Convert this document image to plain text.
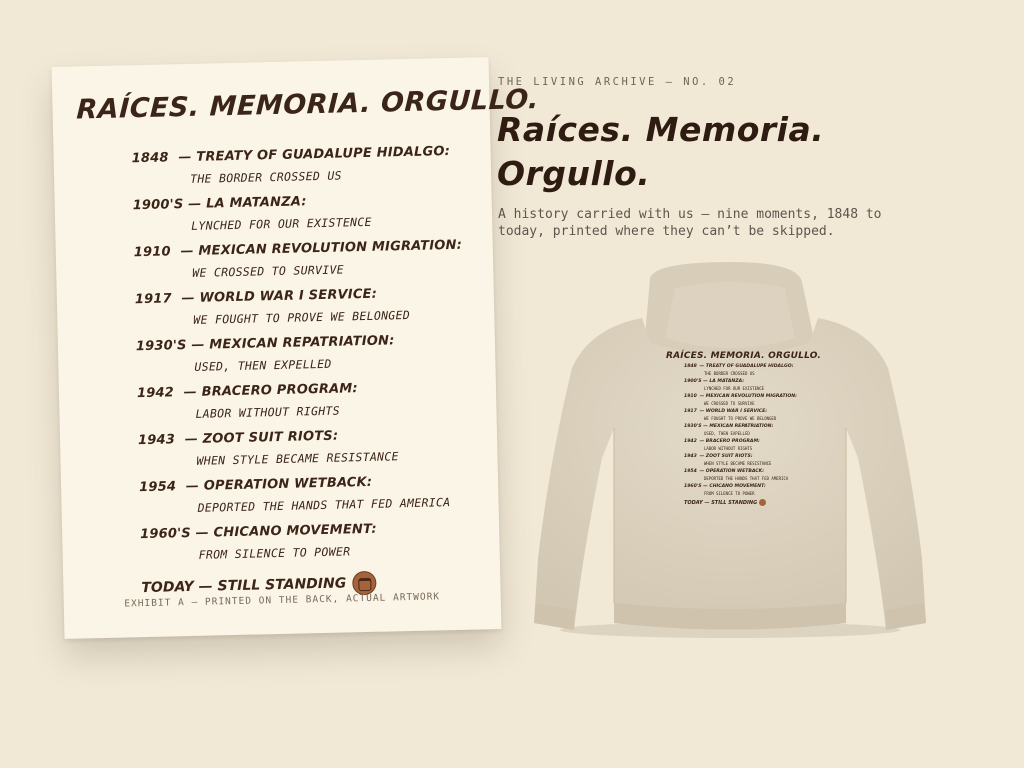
RAÍCES. MEMORIA. ORGULLO.
1848 — TREATY OF GUADALUPE HIDALGO:
THE BORDER CROSSED US
1900'S — LA MATANZA:
LYNCHED FOR OUR EXISTENCE
1910 — MEXICAN REVOLUTION MIGRATION:
WE CROSSED TO SURVIVE
1917 — WORLD WAR I SERVICE:
WE FOUGHT TO PROVE WE BELONGED
1930'S — MEXICAN REPATRIATION:
USED, THEN EXPELLED
1942 — BRACERO PROGRAM:
LABOR WITHOUT RIGHTS
1943 — ZOOT SUIT RIOTS:
WHEN STYLE BECAME RESISTANCE
1954 — OPERATION WETBACK:
DEPORTED THE HANDS THAT FED AMERICA
1960'S — CHICANO MOVEMENT:
FROM SILENCE TO POWER
TODAY — STILL STANDING
EXHIBIT A — PRINTED ON THE BACK, ACTUAL ARTWORK
THE LIVING ARCHIVE — NO. 02
Raíces. Memoria.
Orgullo.
A history carried with us — nine moments, 1848 to today, printed where they can’t be skipped.
RAÍCES. MEMORIA. ORGULLO.
1848 — TREATY OF GUADALUPE HIDALGO:
THE BORDER CROSSED US
1900'S — LA MATANZA:
LYNCHED FOR OUR EXISTENCE
1910 — MEXICAN REVOLUTION MIGRATION:
WE CROSSED TO SURVIVE
1917 — WORLD WAR I SERVICE:
WE FOUGHT TO PROVE WE BELONGED
1930'S — MEXICAN REPATRIATION:
USED, THEN EXPELLED
1942 — BRACERO PROGRAM:
LABOR WITHOUT RIGHTS
1943 — ZOOT SUIT RIOTS:
WHEN STYLE BECAME RESISTANCE
1954 — OPERATION WETBACK:
DEPORTED THE HANDS THAT FED AMERICA
1960'S — CHICANO MOVEMENT:
FROM SILENCE TO POWER
TODAY — STILL STANDING
